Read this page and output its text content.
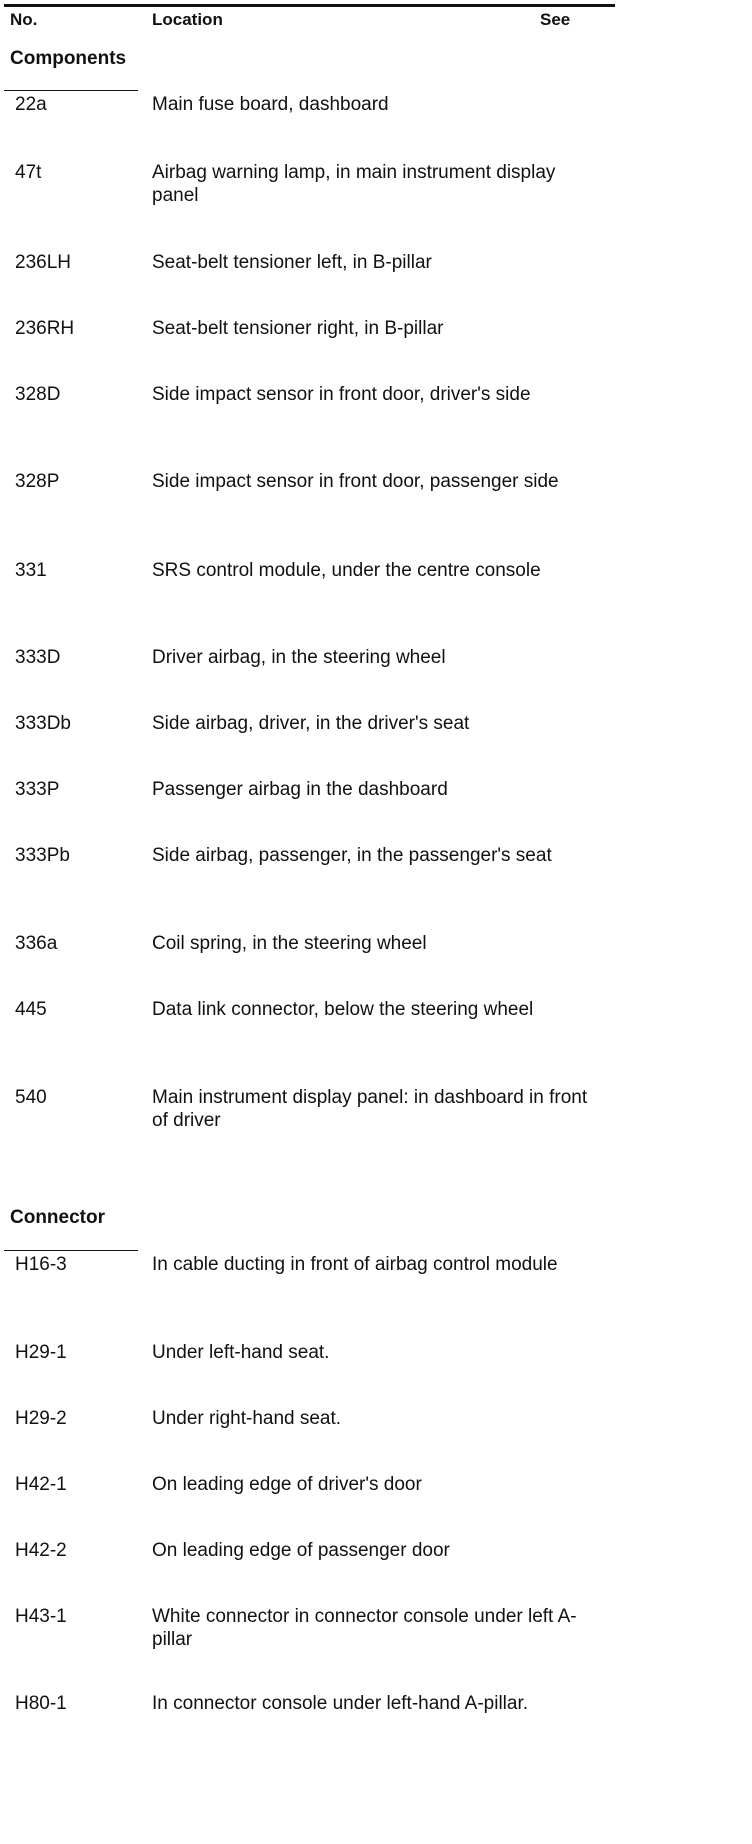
No.	Location	See
Components
22a	Main fuse board, dashboard
47t	Airbag warning lamp, in main instrument display panel
236LH	Seat-belt tensioner left, in B-pillar
236RH	Seat-belt tensioner right, in B-pillar
328D	Side impact sensor in front door, driver's side
328P	Side impact sensor in front door, passenger side
331	SRS control module, under the centre console
333D	Driver airbag, in the steering wheel
333Db	Side airbag, driver, in the driver's seat
333P	Passenger airbag in the dashboard
333Pb	Side airbag, passenger, in the passenger's seat
336a	Coil spring, in the steering wheel
445	Data link connector, below the steering wheel
540	Main instrument display panel: in dashboard in front of driver
Connector
H16-3	In cable ducting in front of airbag control module
H29-1	Under left-hand seat.
H29-2	Under right-hand seat.
H42-1	On leading edge of driver's door
H42-2	On leading edge of passenger door
H43-1	White connector in connector console under left A-pillar
H80-1	In connector console under left-hand A-pillar.
